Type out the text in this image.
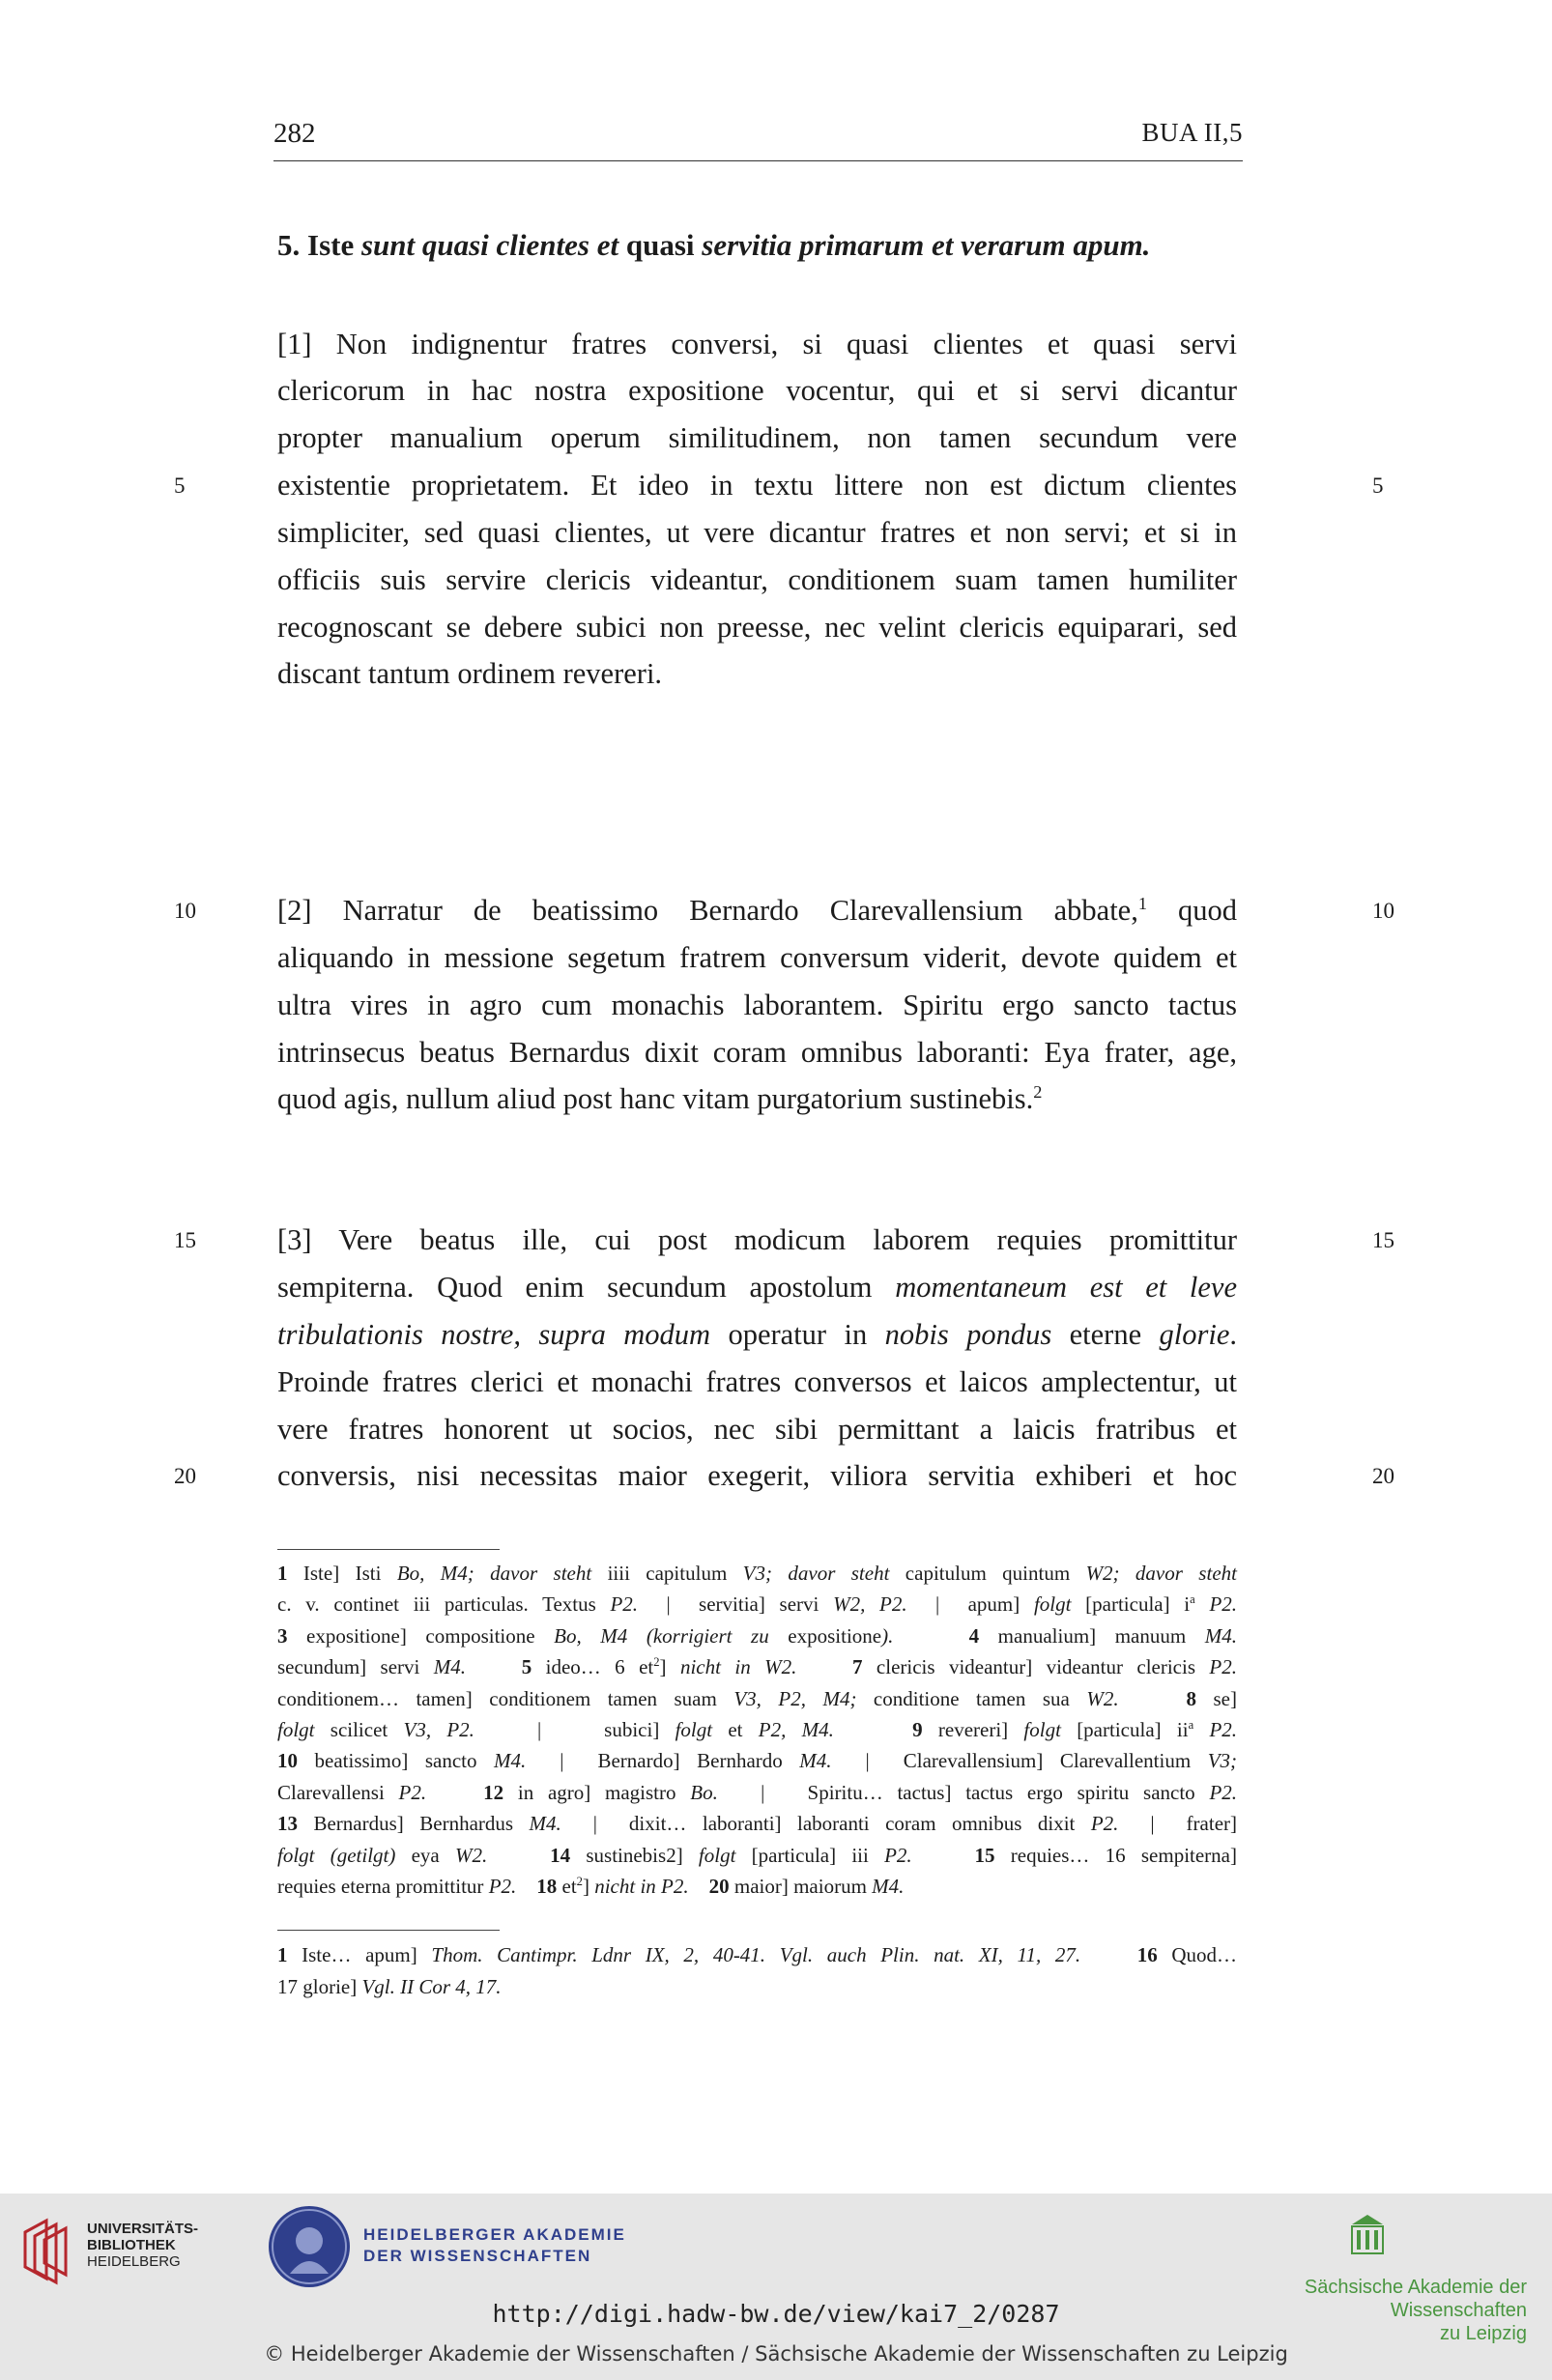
282	BUA II,5
5. Iste sunt quasi clientes et quasi servitia primarum et verarum apum.
[1] Non indignentur fratres conversi, si quasi clientes et quasi servi
clericorum in hac nostra expositione vocentur, qui et si servi dicantur
propter manualium operum similitudinem, non tamen secundum vere
existentie proprietatem. Et ideo in textu littere non est dictum clientes
simpliciter, sed quasi clientes, ut vere dicantur fratres et non servi; et si in
officiis suis servire clericis videantur, conditionem suam tamen humiliter
recognoscant se debere subici non preesse, nec velint clericis equiparari, sed
discant tantum ordinem revereri.
[2] Narratur de beatissimo Bernardo Clarevallensium abbate,$^1$ quod
aliquando in messione segetum fratrem conversum viderit, devote quidem et
ultra vires in agro cum monachis laborantem. Spiritu ergo sancto tactus
intrinsecus beatus Bernardus dixit coram omnibus laboranti: Eya frater, age,
quod agis, nullum aliud post hanc vitam purgatorium sustinebis.$^2$
[3] Vere beatus ille, cui post modicum laborem requies promittitur
sempiterna. Quod enim secundum apostolum momentaneum est et leve
tribulationis nostre, supra modum operatur in nobis pondus eterne glorie.
Proinde fratres clerici et monachi fratres conversos et laicos amplectentur, ut
vere fratres honorent ut socios, nec sibi permittant a laicis fratribus et
conversis, nisi necessitas maior exegerit, viliora servitia exhiberi et hoc
5	5
10	10
15	15
20	20
1 Iste] Isti Bo, M4; davor steht iiii capitulum V3; davor steht capitulum quintum W2; davor steht
c. v. continet iii particulas. Textus P2.  |  servitia] servi W2, P2.  |  apum] folgt [particula] $i^a$ P2.
3 expositione] compositione Bo, M4 (korrigiert zu expositione).	4 manualium] manuum M4.
secundum] servi M4.	5 ideo… 6 $et^2$] nicht in W2.	7 clericis videantur] videantur clericis P2.
conditionem… tamen] conditionem tamen suam V3, P2, M4; conditione tamen sua W2.	8 se]
folgt scilicet V3, P2.    |    subici] folgt et P2, M4.	9 revereri] folgt [particula] $ii^a$ P2.
10 beatissimo] sancto M4.  |  Bernardo] Bernhardo M4.  |  Clarevallensium] Clarevallentium V3;
Clarevallensi P2.	12 in agro] magistro Bo.   |   Spiritu… tactus] tactus ergo spiritu sancto P2.
13 Bernardus] Bernhardus M4.  |  dixit… laboranti] laboranti coram omnibus dixit P2.  |  frater]
folgt (getilgt) eya W2.	14 sustinebis2] folgt [particula] iii P2.	15 requies… 16 sempiterna]
requies eterna promittitur P2. 18 $et^2$] nicht in P2. 20 maior] maiorum M4.
1 Iste… apum] Thom. Cantimpr. Ldnr IX, 2, 40-41. Vgl. auch Plin. nat. XI, 11, 27.	16 Quod…
17 glorie] Vgl. II Cor 4, 17.
UNIVERSITÄTS-
BIBLIOTHEK
HEIDELBERG
HEIDELBERGER AKADEMIE
DER WISSENSCHAFTEN
Sächsische Akademie der Wissenschaften
zu Leipzig
http://digi.hadw-bw.de/view/kai7_2/0287
© Heidelberger Akademie der Wissenschaften / Sächsische Akademie der Wissenschaften zu Leipzig
